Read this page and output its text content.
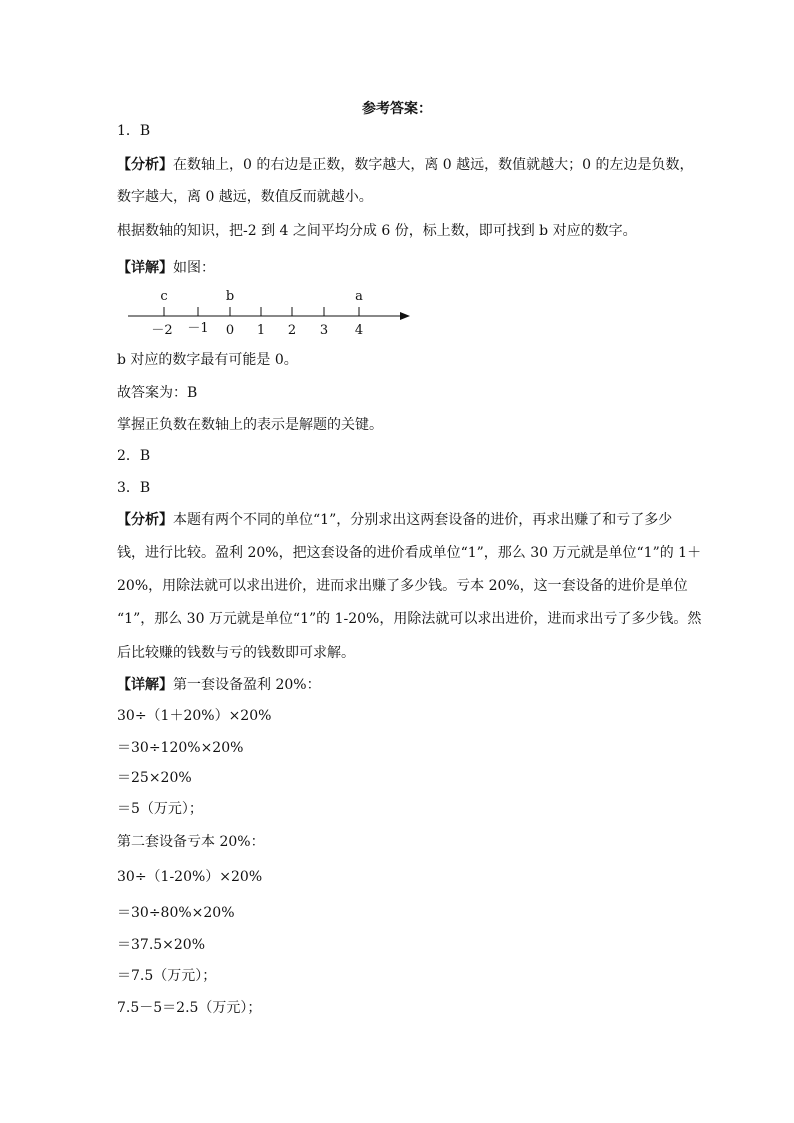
参考答案：
1．B
【分析】在数轴上，0 的右边是正数，数字越大，离 0 越远，数值就越大；0 的左边是负数，
数字越大，离 0 越远，数值反而就越小。
根据数轴的知识，把-2 到 4 之间平均分成 6 份，标上数，即可找到 b 对应的数字。
【详解】如图：
c	b	a
－2 －1 0 1 2 3 4
b 对应的数字最有可能是 0。
故答案为：B
掌握正负数在数轴上的表示是解题的关键。
2．B
3．B
【分析】本题有两个不同的单位“1”，分别求出这两套设备的进价，再求出赚了和亏了多少
钱，进行比较。盈利 20%，把这套设备的进价看成单位“1”，那么 30 万元就是单位“1”的 1＋
20%，用除法就可以求出进价，进而求出赚了多少钱。亏本 20%，这一套设备的进价是单位
“1”，那么 30 万元就是单位“1”的 1-20%，用除法就可以求出进价，进而求出亏了多少钱。然
后比较赚的钱数与亏的钱数即可求解。
【详解】第一套设备盈利 20%：
30÷（1＋20%）×20%
＝30÷120%×20%
＝25×20%
＝5（万元）；
第二套设备亏本 20%：
30÷（1-20%）×20%
＝30÷80%×20%
＝37.5×20%
＝7.5（万元）；
7.5－5＝2.5（万元）；
